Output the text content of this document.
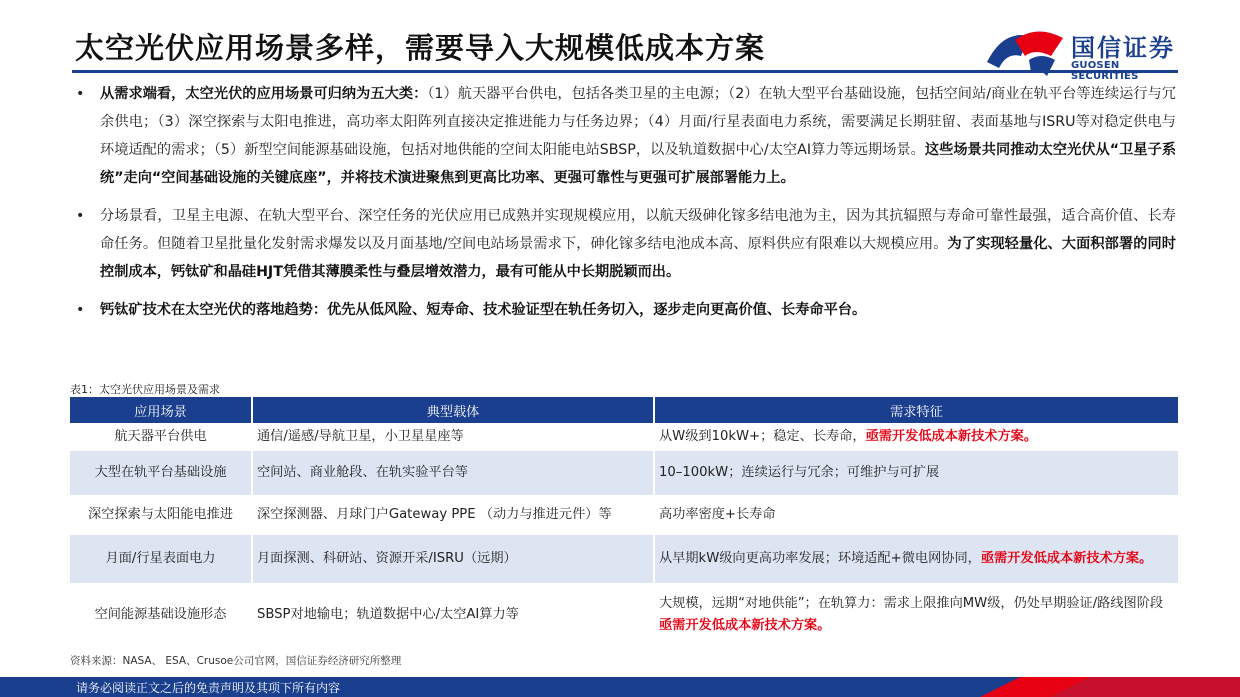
太空光伏应用场景多样，需要导入大规模低成本方案	国信证券
GUOSEN SECURITIES
• 从需求端看，太空光伏的应用场景可归纳为五大类：（1）航天器平台供电，包括各类卫星的主电源；（2）在轨大型平台基础设施，包括空间站/商业在轨平台等连续运行与冗余供电；（3）深空探索与太阳电推进，高功率太阳阵列直接决定推进能力与任务边界；（4）月面/行星表面电力系统，需要满足长期驻留、表面基地与ISRU等对稳定供电与环境适配的需求；（5）新型空间能源基础设施，包括对地供能的空间太阳能电站SBSP，以及轨道数据中心/太空AI算力等远期场景。这些场景共同推动太空光伏从“卫星子系统”走向“空间基础设施的关键底座”，并将技术演进聚焦到更高比功率、更强可靠性与更强可扩展部署能力上。
• 分场景看，卫星主电源、在轨大型平台、深空任务的光伏应用已成熟并实现规模应用，以航天级砷化镓多结电池为主，因为其抗辐照与寿命可靠性最强，适合高价值、长寿命任务。但随着卫星批量化发射需求爆发以及月面基地/空间电站场景需求下，砷化镓多结电池成本高、原料供应有限难以大规模应用。为了实现轻量化、大面积部署的同时控制成本，钙钛矿和晶硅HJT凭借其薄膜柔性与叠层增效潜力，最有可能从中长期脱颖而出。
• 钙钛矿技术在太空光伏的落地趋势：优先从低风险、短寿命、技术验证型在轨任务切入，逐步走向更高价值、长寿命平台。
表1：太空光伏应用场景及需求
应用场景	典型载体	需求特征
航天器平台供电	通信/遥感/导航卫星，小卫星星座等	从W级到10kW+；稳定、长寿命，亟需开发低成本新技术方案。
大型在轨平台基础设施	空间站、商业舱段、在轨实验平台等	10–100kW；连续运行与冗余；可维护与可扩展
深空探索与太阳能电推进	深空探测器、月球门户Gateway PPE （动力与推进元件）等	高功率密度+长寿命
月面/行星表面电力	月面探测、科研站、资源开采/ISRU（远期）	从早期kW级向更高功率发展；环境适配+微电网协同，亟需开发低成本新技术方案。
空间能源基础设施形态	SBSP对地输电；轨道数据中心/太空AI算力等	大规模，远期“对地供能”；在轨算力：需求上限推向MW级，仍处早期验证/路线图阶段亟需开发低成本新技术方案。
资料来源：NASA、 ESA、Crusoe公司官网，国信证券经济研究所整理
请务必阅读正文之后的免责声明及其项下所有内容
